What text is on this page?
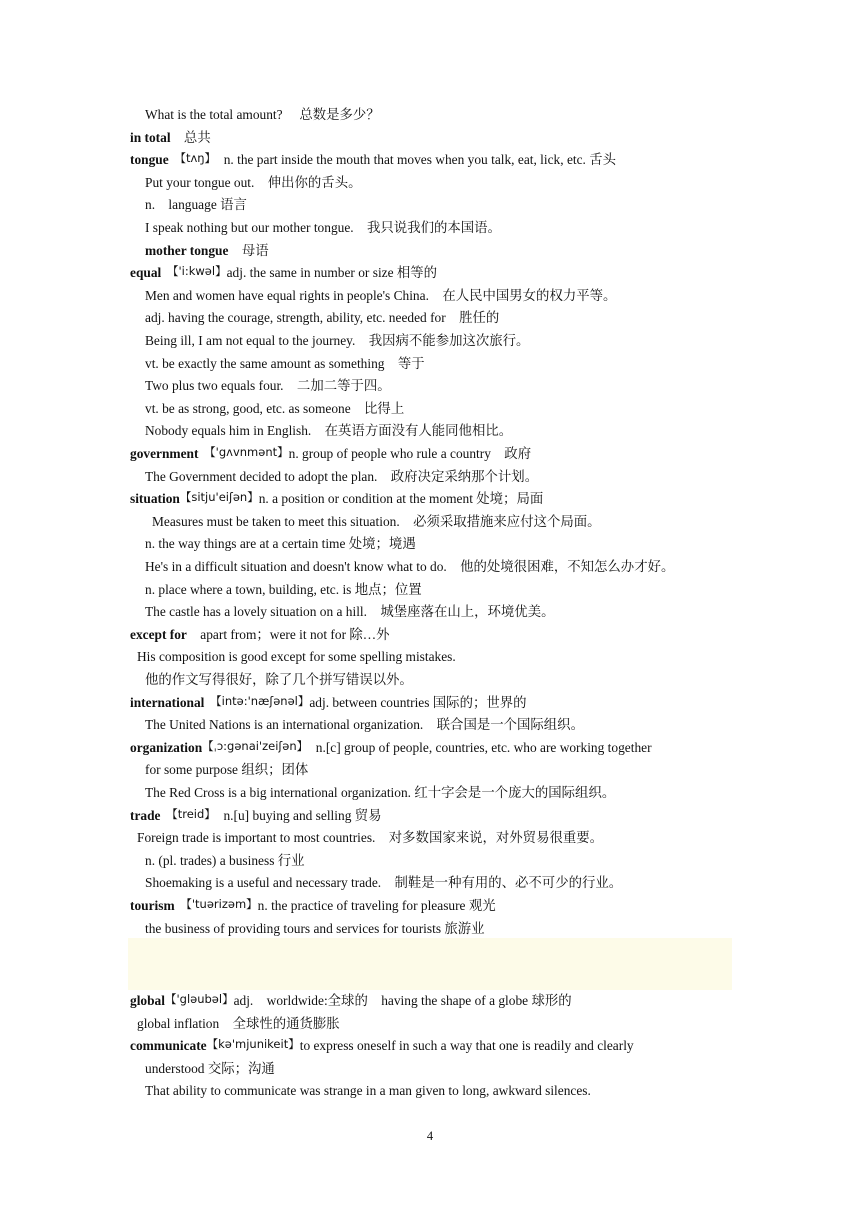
What is the total amount?　 总数是多少？
in total　总共
tongue　【tʌŋ】　n. the part inside the mouth that moves when you talk, eat, lick, etc. 舌头
Put your tongue out.　伸出你的舌头。
n.　language 语言
I speak nothing but our mother tongue.　我只说我们的本国语。
mother tongue　母语
equal　【'i:kwəl】adj. the same in number or size 相等的
Men and women have equal rights in people's China.　在人民中国男女的权力平等。
adj. having the courage, strength, ability, etc. needed for　胜任的
Being ill, I am not equal to the journey.　我因病不能参加这次旅行。
vt. be exactly the same amount as something　等于
Two plus two equals four.　二加二等于四。
vt. be as strong, good, etc. as someone　比得上
Nobody equals him in English.　在英语方面没有人能同他相比。
government　【'gʌvnmənt】n. group of people who rule a country　政府
The Government decided to adopt the plan.　政府决定采纳那个计划。
situation【sitju'eiʃən】n. a position or condition at the moment 处境；局面
Measures must be taken to meet this situation.　必须采取措施来应付这个局面。
n. the way things are at a certain time 处境；境遇
He's in a difficult situation and doesn't know what to do.　他的处境很困难，不知怎么办才好。
n. place where a town, building, etc. is 地点；位置
The castle has a lovely situation on a hill.　城堡座落在山上，环境优美。
except for　apart from；were it not for 除…外
His composition is good except for some spelling mistakes.
他的作文写得很好，除了几个拼写错误以外。
international　【intə:'næʃənəl】adj. between countries 国际的；世界的
The United Nations is an international organization.　联合国是一个国际组织。
organization【ˌɔ:gənai'zeiʃən】　n.[c] group of people, countries, etc. who are working together
for some purpose 组织；团体
The Red Cross is a big international organization. 红十字会是一个庞大的国际组织。
trade　【treid】　n.[u] buying and selling 贸易
Foreign trade is important to most countries.　对多数国家来说，对外贸易很重要。
n. (pl. trades) a business 行业
Shoemaking is a useful and necessary trade.　制鞋是一种有用的、必不可少的行业。
tourism　【'tuərizəm】n. the practice of traveling for pleasure 观光
the business of providing tours and services for tourists 旅游业
global【'gləubəl】adj.　worldwide:全球的　having the shape of a globe 球形的
global inflation　全球性的通货膨胀
communicate【kə'mjunikeit】to express oneself in such a way that one is readily and clearly
understood 交际；沟通
That ability to communicate was strange in a man given to long, awkward silences.
4
